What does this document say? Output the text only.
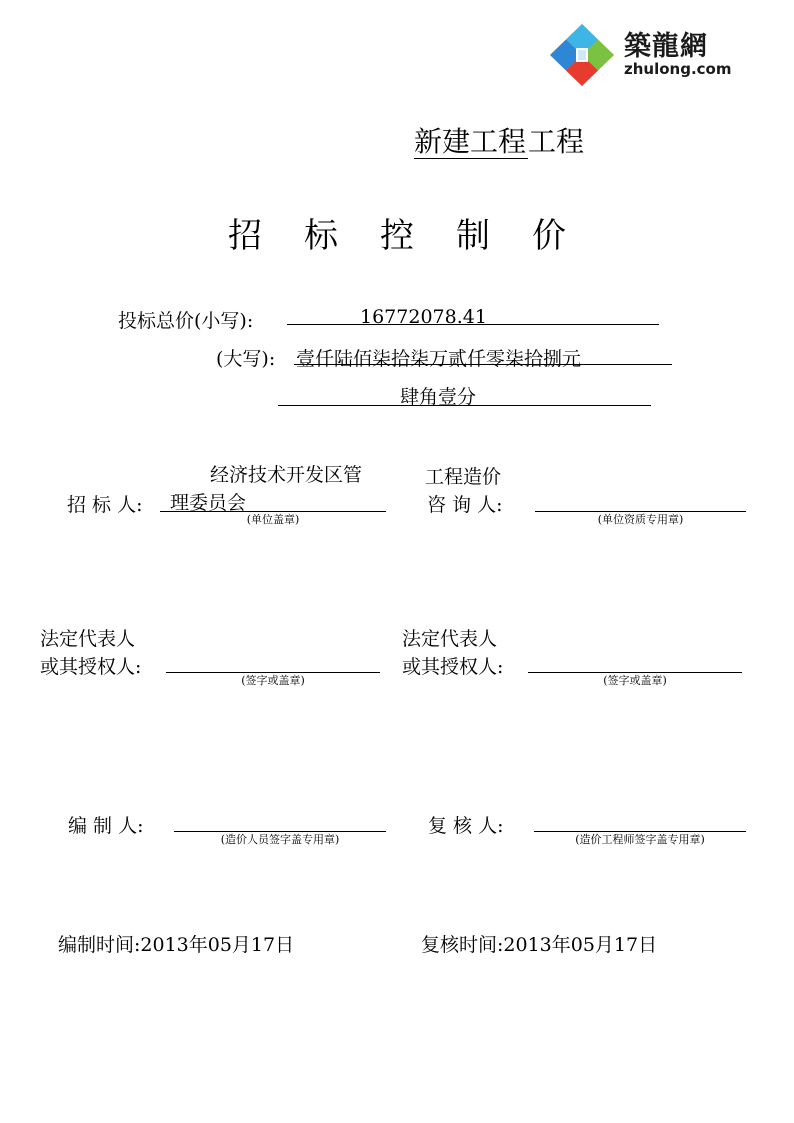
築龍網
zhulong.com
新建工程工程
招 标 控 制 价
投标总价(小写):	16772078.41
(大写): 壹仟陆佰柒拾柒万贰仟零柒拾捌元
肆角壹分
经济技术开发区管
招 标 人: 理委员会
(单位盖章)
工程造价
咨 询 人:
(单位资质专用章)
法定代表人
或其授权人:
(签字或盖章)
法定代表人
或其授权人:
(签字或盖章)
编 制 人:
(造价人员签字盖专用章)
复 核 人:
(造价工程师签字盖专用章)
编制时间:2013年05月17日	复核时间:2013年05月17日
